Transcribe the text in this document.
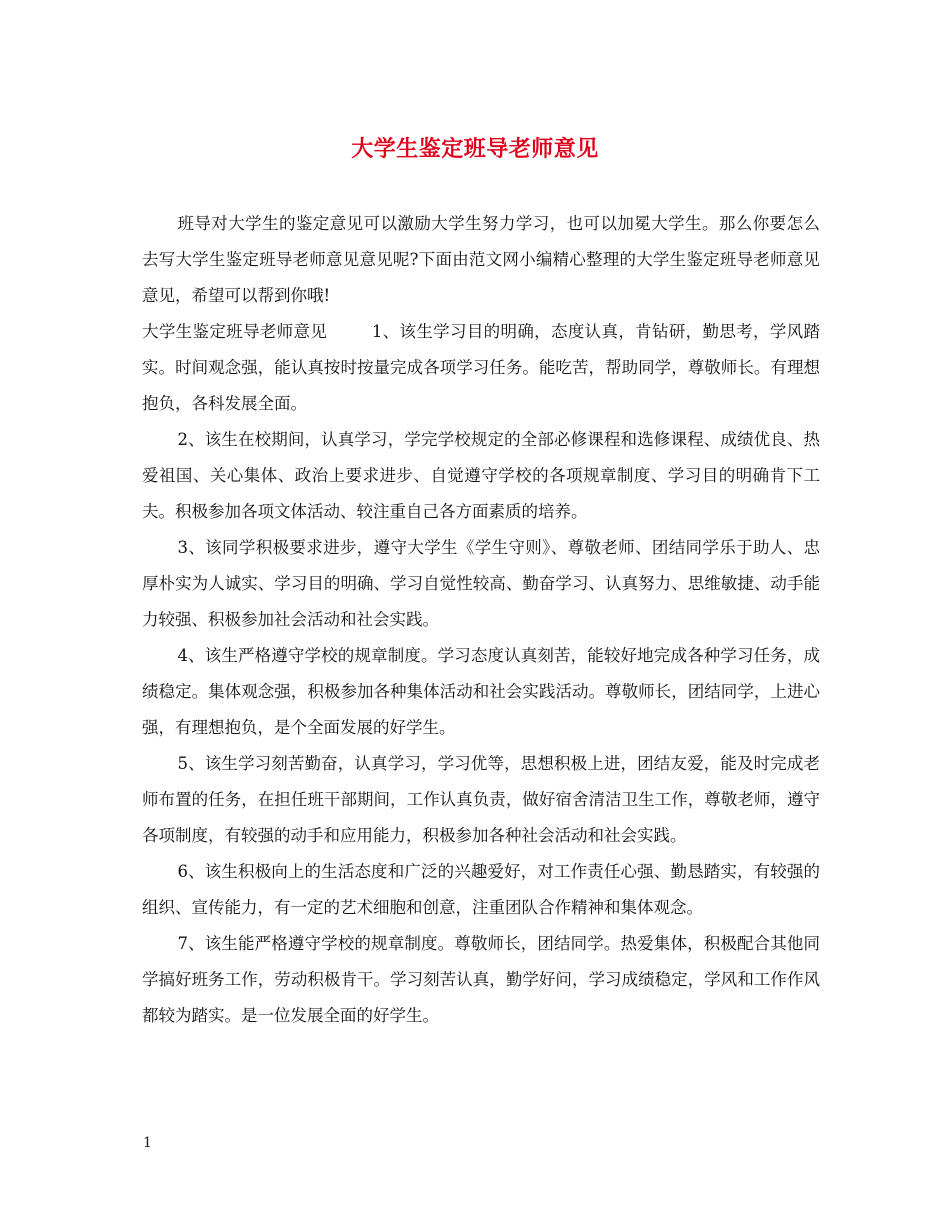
大学生鉴定班导老师意见

班导对大学生的鉴定意见可以激励大学生努力学习，也可以加冕大学生。那么你要怎么去写大学生鉴定班导老师意见意见呢?下面由范文网小编精心整理的大学生鉴定班导老师意见意见，希望可以帮到你哦!

大学生鉴定班导老师意见	1、该生学习目的明确，态度认真，肯钻研，勤思考，学风踏实。时间观念强，能认真按时按量完成各项学习任务。能吃苦，帮助同学，尊敬师长。有理想抱负，各科发展全面。

2、该生在校期间，认真学习，学完学校规定的全部必修课程和选修课程、成绩优良、热爱祖国、关心集体、政治上要求进步、自觉遵守学校的各项规章制度、学习目的明确肯下工夫。积极参加各项文体活动、较注重自己各方面素质的培养。

3、该同学积极要求进步，遵守大学生《学生守则》、尊敬老师、团结同学乐于助人、忠厚朴实为人诚实、学习目的明确、学习自觉性较高、勤奋学习、认真努力、思维敏捷、动手能力较强、积极参加社会活动和社会实践。

4、该生严格遵守学校的规章制度。学习态度认真刻苦，能较好地完成各种学习任务，成绩稳定。集体观念强，积极参加各种集体活动和社会实践活动。尊敬师长，团结同学，上进心强，有理想抱负，是个全面发展的好学生。

5、该生学习刻苦勤奋，认真学习，学习优等，思想积极上进，团结友爱，能及时完成老师布置的任务，在担任班干部期间，工作认真负责，做好宿舍清洁卫生工作，尊敬老师，遵守各项制度，有较强的动手和应用能力，积极参加各种社会活动和社会实践。

6、该生积极向上的生活态度和广泛的兴趣爱好，对工作责任心强、勤恳踏实，有较强的组织、宣传能力，有一定的艺术细胞和创意，注重团队合作精神和集体观念。

7、该生能严格遵守学校的规章制度。尊敬师长，团结同学。热爱集体，积极配合其他同学搞好班务工作，劳动积极肯干。学习刻苦认真，勤学好问，学习成绩稳定，学风和工作作风都较为踏实。是一位发展全面的好学生。

1
